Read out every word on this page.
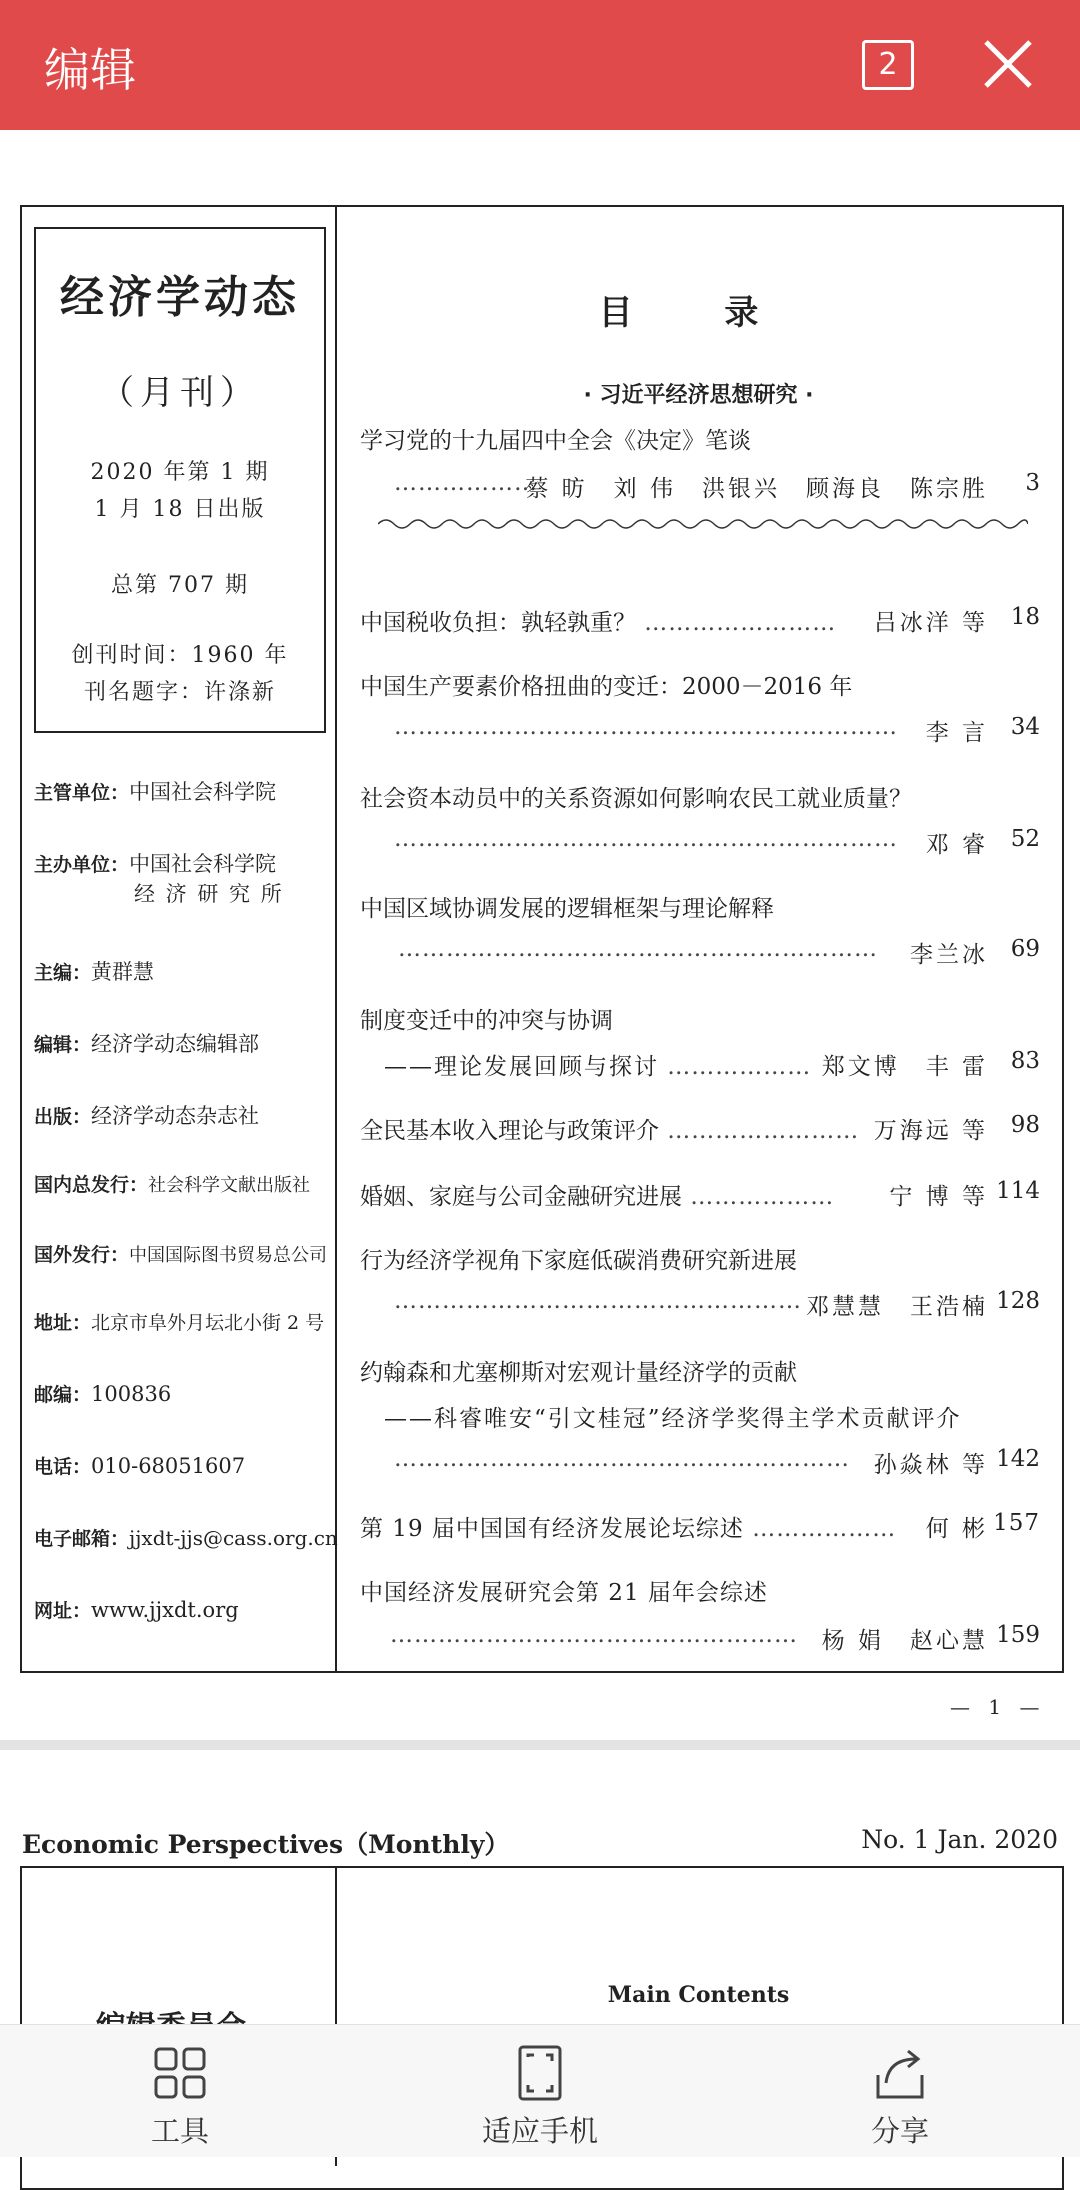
编辑	2
经济学动态
（月刊）
2020 年第 1 期
1 月 18 日出版
总第 707 期
创刊时间：1960 年
刊名题字：许涤新
主管单位：中国社会科学院
主办单位：中国社会科学院
经 济 研 究 所
主编：黄群慧
编辑：经济学动态编辑部
出版：经济学动态杂志社
国内总发行：社会科学文献出版社
国外发行：中国国际图书贸易总公司
地址：北京市阜外月坛北小街 2 号
邮编：100836
电话：010-68051607
电子邮箱：jjxdt-jjs@cass.org.cn
网址：www.jjxdt.org
目 录
· 习近平经济思想研究 ·
学习党的十九届四中全会《决定》笔谈
………………
蔡 昉　刘 伟　洪银兴　顾海良　陈宗胜 3
中国税收负担：孰轻孰重？ …………………… 吕冰洋 等 18
中国生产要素价格扭曲的变迁：2000－2016 年
……………………………………………………… 李 言 34
社会资本动员中的关系资源如何影响农民工就业质量？
……………………………………………………… 邓 睿 52
中国区域协调发展的逻辑框架与理论解释
…………………………………………………… 李兰冰 69
制度变迁中的冲突与协调
——理论发展回顾与探讨 ……………… 郑文博　丰 雷 83
全民基本收入理论与政策评介 …………………… 万海远 等 98
婚姻、家庭与公司金融研究进展 ……………… 宁 博 等 114
行为经济学视角下家庭低碳消费研究新进展
…………………………………………… 邓慧慧　王浩楠 128
约翰森和尤塞柳斯对宏观计量经济学的贡献
——科睿唯安“引文桂冠”经济学奖得主学术贡献评介
………………………………………………… 孙焱林 等 142
第 19 届中国国有经济发展论坛综述 ……………… 何 彬 157
中国经济发展研究会第 21 届年会综述
…………………………………………… 杨 娟　赵心慧 159
— 1 —
Economic Perspectives（Monthly）	No. 1 Jan. 2020
Main Contents
工具	适应手机	分享
